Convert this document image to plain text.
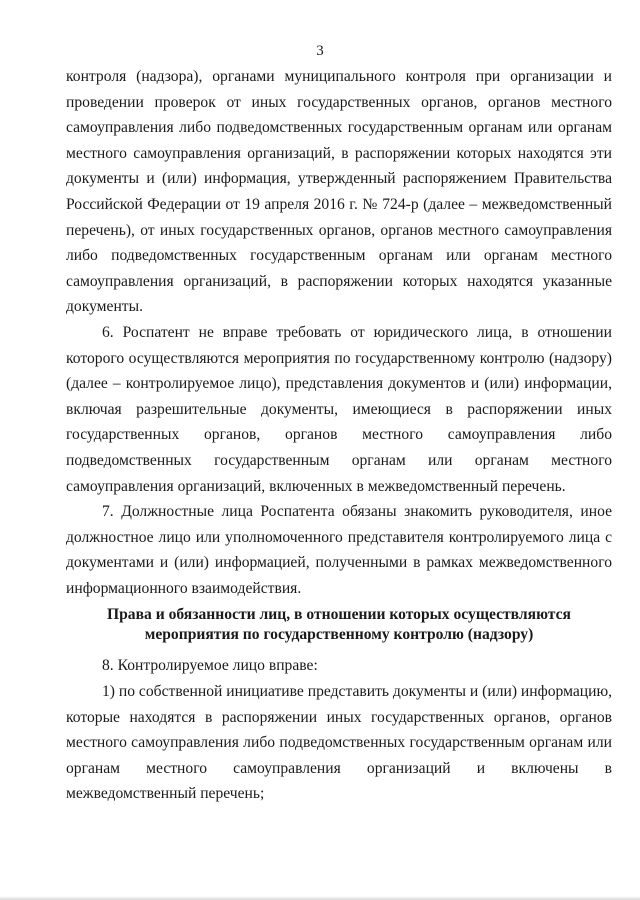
3

контроля (надзора), органами муниципального контроля при организации и проведении проверок от иных государственных органов, органов местного самоуправления либо подведомственных государственным органам или органам местного самоуправления организаций, в распоряжении которых находятся эти документы и (или) информация, утвержденный распоряжением Правительства Российской Федерации от 19 апреля 2016 г. № 724-р (далее – межведомственный перечень), от иных государственных органов, органов местного самоуправления либо подведомственных государственным органам или органам местного самоуправления организаций, в распоряжении которых находятся указанные документы.

6. Роспатент не вправе требовать от юридического лица, в отношении которого осуществляются мероприятия по государственному контролю (надзору) (далее – контролируемое лицо), представления документов и (или) информации, включая разрешительные документы, имеющиеся в распоряжении иных государственных органов, органов местного самоуправления либо подведомственных государственным органам или органам местного самоуправления организаций, включенных в межведомственный перечень.

7. Должностные лица Роспатента обязаны знакомить руководителя, иное должностное лицо или уполномоченного представителя контролируемого лица с документами и (или) информацией, полученными в рамках межведомственного информационного взаимодействия.

Права и обязанности лиц, в отношении которых осуществляются
мероприятия по государственному контролю (надзору)

8. Контролируемое лицо вправе:

1) по собственной инициативе представить документы и (или) информацию, которые находятся в распоряжении иных государственных органов, органов местного самоуправления либо подведомственных государственным органам или органам местного самоуправления организаций и включены в межведомственный перечень;
